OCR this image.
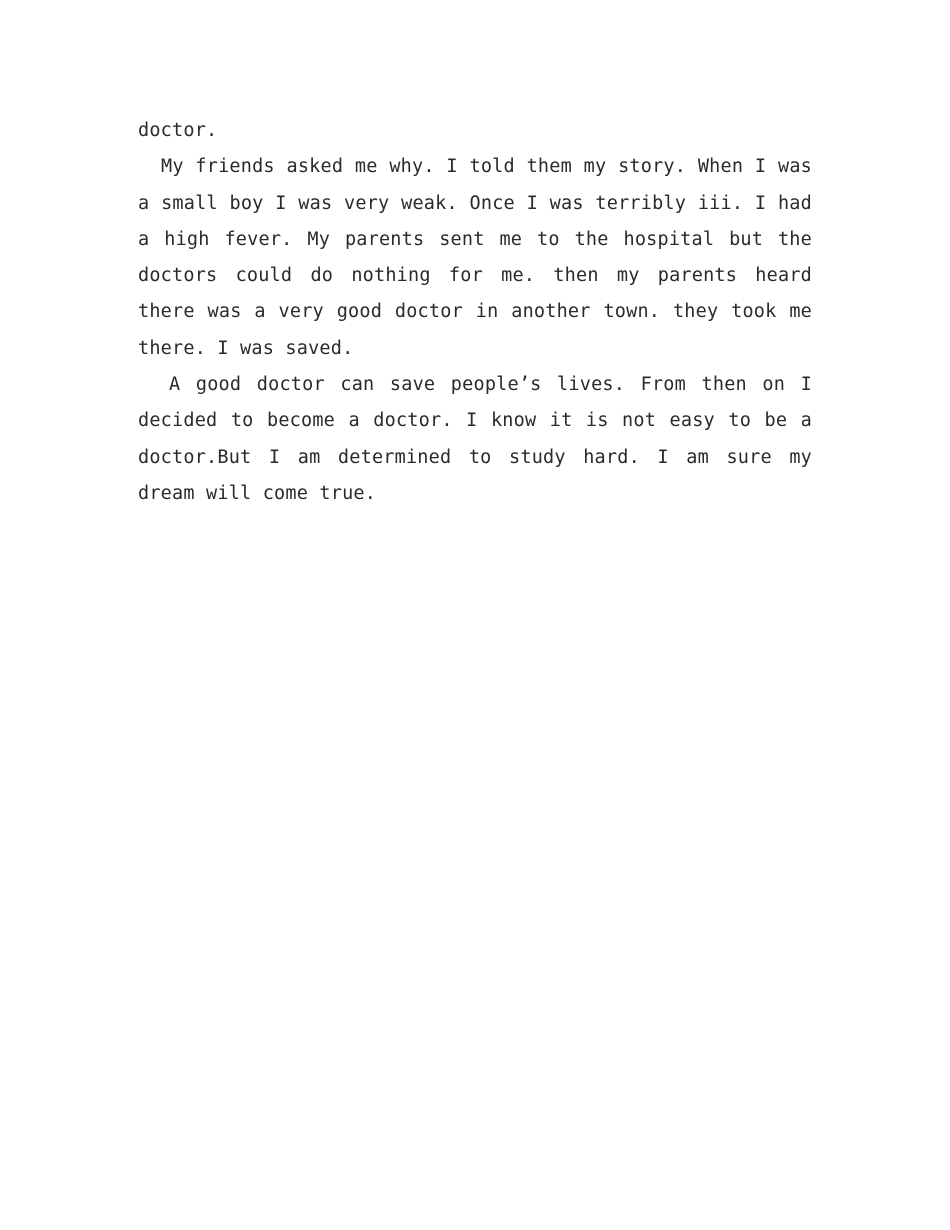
doctor.

My friends asked me why. I told them my story. When I was a small boy I was very weak. Once I was terribly iii. I had a high fever. My parents sent me to the hospital but the doctors could do nothing for me. then my parents heard there was a very good doctor in another town. they took me there. I was saved.

A good doctor can save people’s lives. From then on I decided to become a doctor. I know it is not easy to be a doctor.But I am determined to study hard. I am sure my dream will come true.
